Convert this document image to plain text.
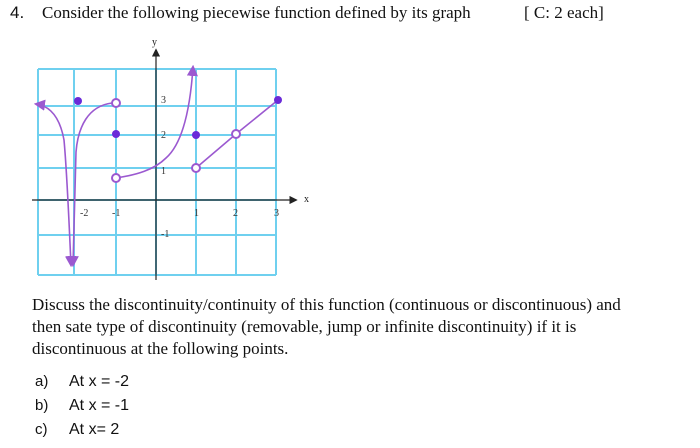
4. Consider the following piecewise function defined by its graph	[ C: 2 each]
x
y
-2 -1	1	2	3
3
2
1
-1

Discuss the discontinuity/continuity of this function (continuous or discontinuous) and

then sate type of discontinuity (removable, jump or infinite discontinuity) if it is

discontinuous at the following points.

a) At x = -2
b) At x = -1
c) At x= 2
